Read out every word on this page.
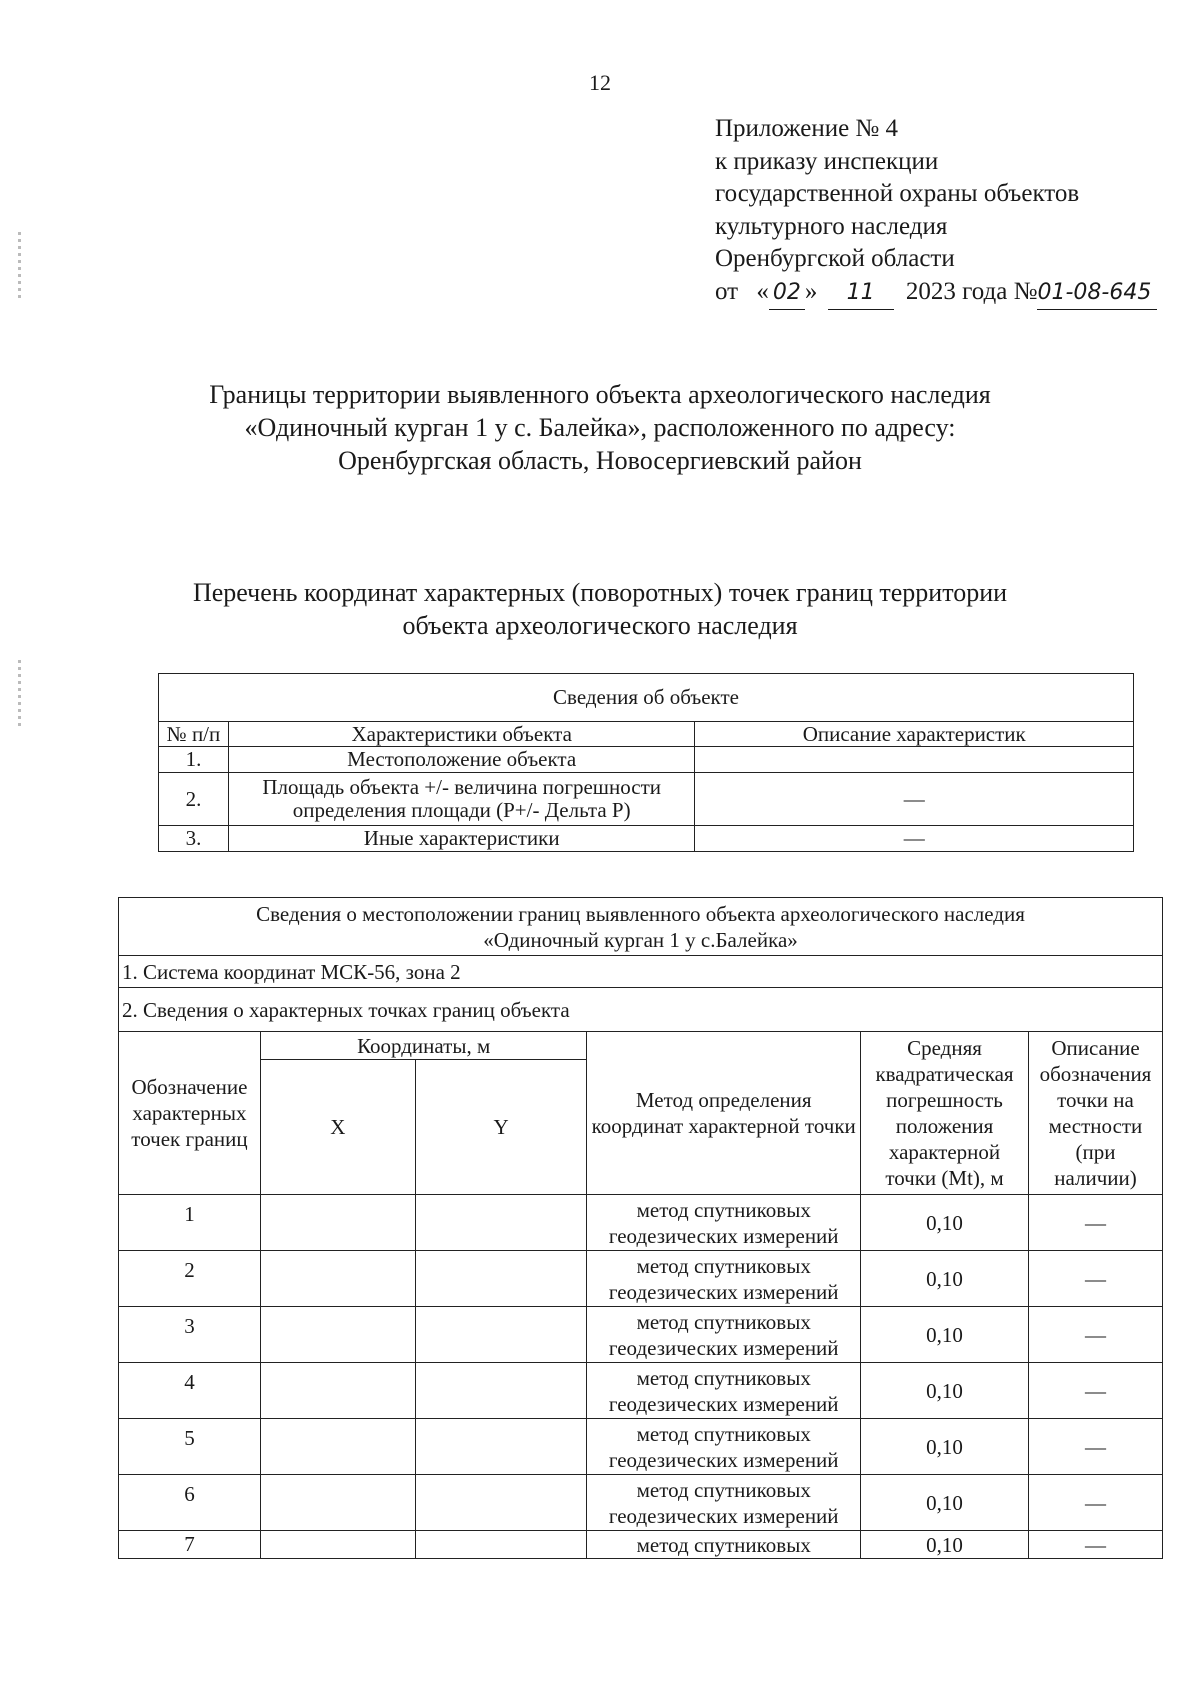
12
Приложение № 4
к приказу инспекции
государственной охраны объектов
культурного наследия
Оренбургской области
от « 02 » 11 2023 года №01-08-645
Границы территории выявленного объекта археологического наследия
«Одиночный курган 1 у с. Балейка», расположенного по адресу:
Оренбургская область, Новосергиевский район
Перечень координат характерных (поворотных) точек границ территории
объекта археологического наследия
Сведения об объекте		
№ п/п	Характеристики объекта	Описание характеристик
1.	Местоположение объекта	
2.	Площадь объекта +/- величина погрешности определения площади (Р+/- Дельта Р)	—
3.	Иные характеристики	—
Сведения о местоположении границ выявленного объекта археологического наследия
«Одиночный курган 1 у с.Балейка»					

1. Система координат МСК-56, зона 2					
2. Сведения о характерных точках границ объекта					
Обозначение характерных точек границ	Координаты, м		Метод определения координат характерной точки	Средняя квадратическая погрешность положения характерной точки (Mt), м	Описание обозначения точки на местности (при наличии)
	X	Y			
1			метод спутниковых геодезических измерений	0,10	—
2			метод спутниковых геодезических измерений	0,10	—
3			метод спутниковых геодезических измерений	0,10	—
4			метод спутниковых геодезических измерений	0,10	—
5			метод спутниковых геодезических измерений	0,10	—
6			метод спутниковых геодезических измерений	0,10	—
7			метод спутниковых	0,10	—
